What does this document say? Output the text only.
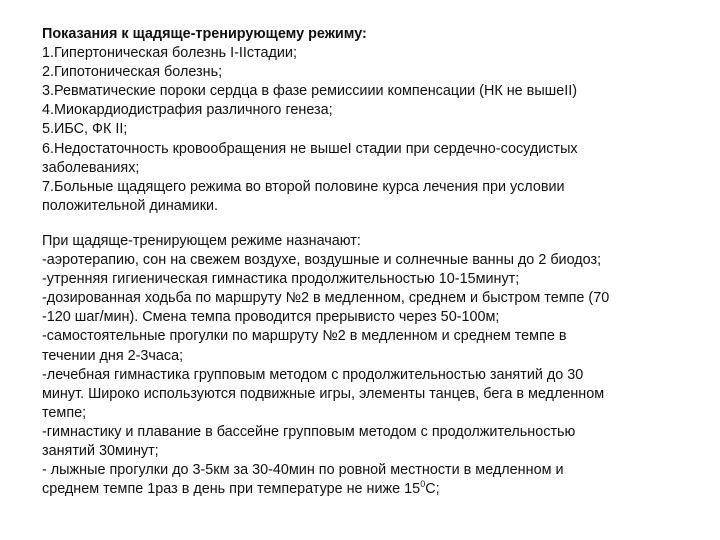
Показания к щадяще-тренирующему режиму:
1.Гипертоническая болезнь I-IIстадии;
2.Гипотоническая болезнь;
3.Ревматические пороки сердца в фазе ремиссиии компенсации (НК не вышеII)
4.Миокардиодистрафия различного генеза;
5.ИБС, ФК II;
6.Недостаточность кровообращения не вышеI стадии при сердечно-сосудистых
заболеваниях;
7.Больные щадящего режима во второй половине курса лечения при условии
положительной динамики.
При щадяще-тренирующем режиме назначают:
-аэротерапию, сон на свежем воздухе, воздушные и солнечные ванны до 2 биодоз;
-утренняя гигиеническая гимнастика продолжительностью 10-15минут;
-дозированная ходьба по маршруту №2 в медленном, среднем и быстром темпе (70
-120 шаг/мин). Смена темпа проводится прерывисто через 50-100м;
-самостоятельные прогулки по маршруту №2 в медленном и среднем темпе в
течении дня 2-3часа;
-лечебная гимнастика групповым методом с продолжительностью занятий до 30
минут. Широко используются подвижные игры, элементы танцев, бега в медленном
темпе;
-гимнастику и плавание в бассейне групповым методом с продолжительностью
занятий 30минут;
- лыжные прогулки до 3-5км за 30-40мин по ровной местности в медленном и
среднем темпе 1раз в день при температуре не ниже $15^0С$;
